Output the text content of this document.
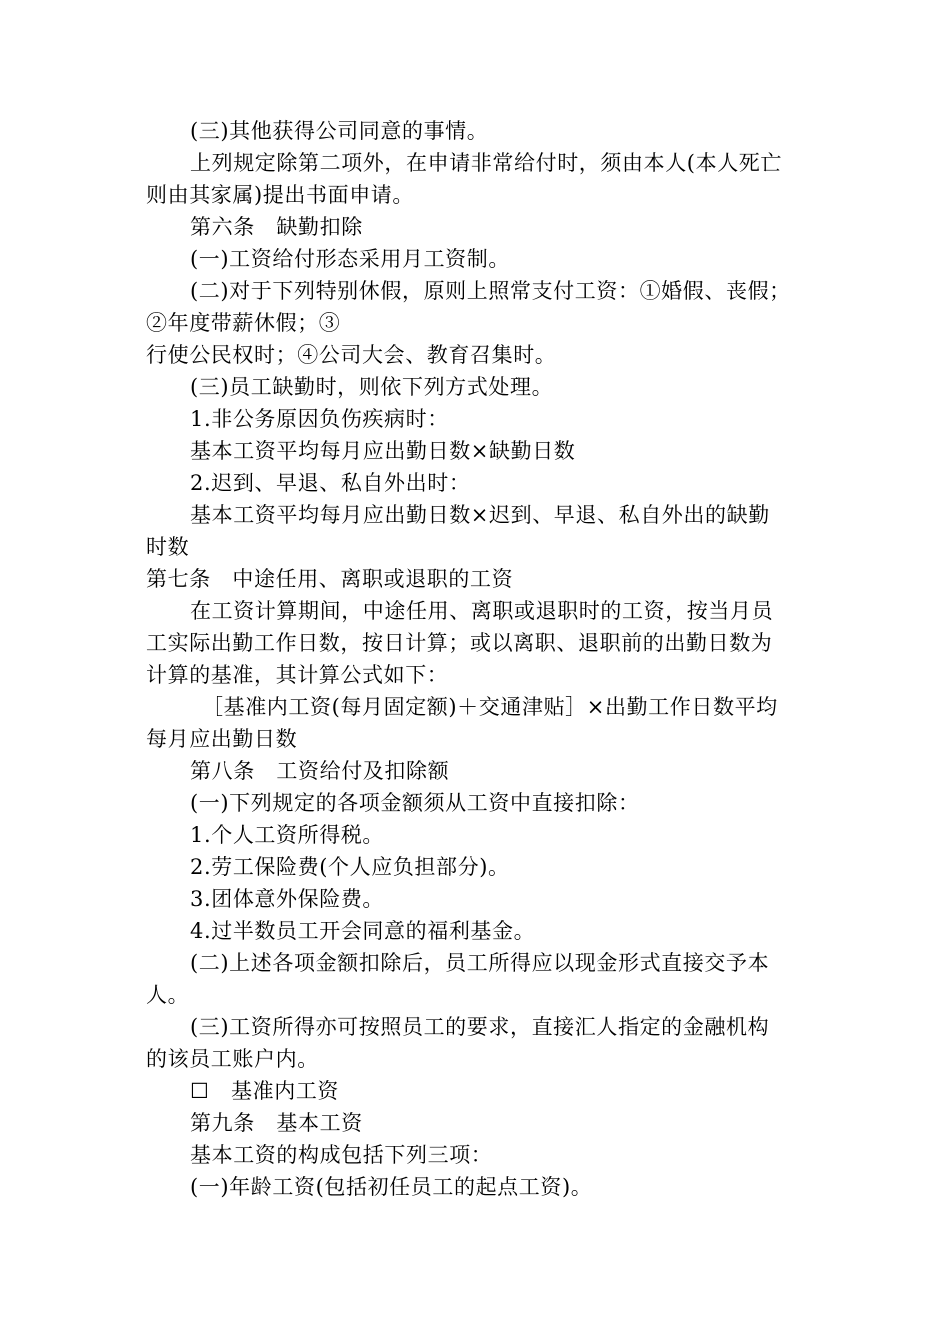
(三)其他获得公司同意的事情。
上列规定除第二项外，在申请非常给付时，须由本人(本人死亡
则由其家属)提出书面申请。
第六条　缺勤扣除
(一)工资给付形态采用月工资制。
(二)对于下列特别休假，原则上照常支付工资：①婚假、丧假；
②年度带薪休假；③
行使公民权时；④公司大会、教育召集时。
(三)员工缺勤时，则依下列方式处理。
1.非公务原因负伤疾病时：
基本工资平均每月应出勤日数×缺勤日数
2.迟到、早退、私自外出时：
基本工资平均每月应出勤日数×迟到、早退、私自外出的缺勤
时数
第七条　中途任用、离职或退职的工资
在工资计算期间，中途任用、离职或退职时的工资，按当月员
工实际出勤工作日数，按日计算；或以离职、退职前的出勤日数为
计算的基准，其计算公式如下：
［基准内工资(每月固定额)＋交通津贴］×出勤工作日数平均
每月应出勤日数
第八条　工资给付及扣除额
(一)下列规定的各项金额须从工资中直接扣除：
1.个人工资所得税。
2.劳工保险费(个人应负担部分)。
3.团体意外保险费。
4.过半数员工开会同意的福利基金。
(二)上述各项金额扣除后，员工所得应以现金形式直接交予本
人。
(三)工资所得亦可按照员工的要求，直接汇人指定的金融机构
的该员工账户内。
☐　基准内工资
第九条　基本工资
基本工资的构成包括下列三项：
(一)年龄工资(包括初任员工的起点工资)。
